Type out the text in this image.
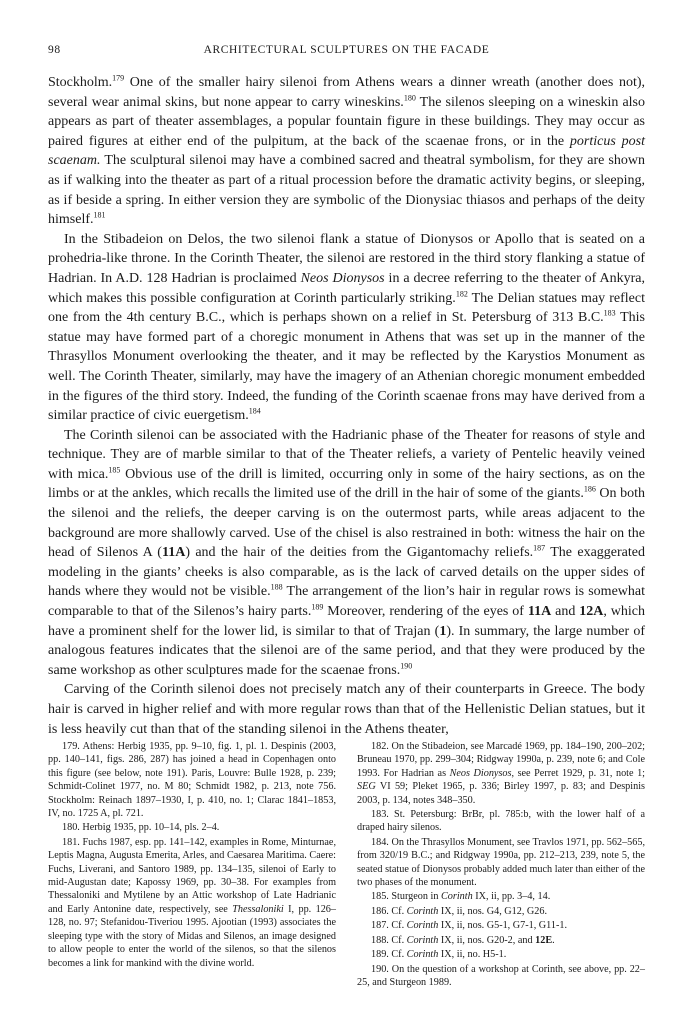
98	ARCHITECTURAL SCULPTURES ON THE FACADE

Stockholm.$^{179}$ One of the smaller hairy silenoi from Athens wears a dinner wreath (another does not), several wear animal skins, but none appear to carry wineskins.$^{180}$ The silenos sleeping on a wineskin also appears as part of theater assemblages, a popular fountain figure in these buildings. They may occur as paired figures at either end of the pulpitum, at the back of the scaenae frons, or in the porticus post scaenam. The sculptural silenoi may have a combined sacred and theatral symbolism, for they are shown as if walking into the theater as part of a ritual procession before the dramatic activity begins, or sleeping, as if beside a spring. In either version they are symbolic of the Dionysiac thiasos and perhaps of the deity himself.$^{181}$

In the Stibadeion on Delos, the two silenoi flank a statue of Dionysos or Apollo that is seated on a prohedria-like throne. In the Corinth Theater, the silenoi are restored in the third story flanking a statue of Hadrian. In A.D. 128 Hadrian is proclaimed Neos Dionysos in a decree referring to the theater of Ankyra, which makes this possible configuration at Corinth particularly striking.$^{182}$ The Delian statues may reflect one from the 4th century B.C., which is perhaps shown on a relief in St. Petersburg of 313 B.C.$^{183}$ This statue may have formed part of a choregic monument in Athens that was set up in the manner of the Thrasyllos Monument overlooking the theater, and it may be reflected by the Karystios Monument as well. The Corinth Theater, similarly, may have the imagery of an Athenian choregic monument embedded in the figures of the third story. Indeed, the funding of the Corinth scaenae frons may have derived from a similar practice of civic euergetism.$^{184}$

The Corinth silenoi can be associated with the Hadrianic phase of the Theater for reasons of style and technique. They are of marble similar to that of the Theater reliefs, a variety of Pentelic heavily veined with mica.$^{185}$ Obvious use of the drill is limited, occurring only in some of the hairy sections, as on the limbs or at the ankles, which recalls the limited use of the drill in the hair of some of the giants.$^{186}$ On both the silenoi and the reliefs, the deeper carving is on the outermost parts, while areas adjacent to the background are more shallowly carved. Use of the chisel is also restrained in both: witness the hair on the head of Silenos A (11A) and the hair of the deities from the Gigantomachy reliefs.$^{187}$ The exaggerated modeling in the giants’ cheeks is also comparable, as is the lack of carved details on the upper sides of hands where they would not be visible.$^{188}$ The arrangement of the lion’s hair in regular rows is somewhat comparable to that of the Silenos’s hairy parts.$^{189}$ Moreover, rendering of the eyes of 11A and 12A, which have a prominent shelf for the lower lid, is similar to that of Trajan (1). In summary, the large number of analogous features indicates that the silenoi are of the same period, and that they were produced by the same workshop as other sculptures made for the scaenae frons.$^{190}$

Carving of the Corinth silenoi does not precisely match any of their counterparts in Greece. The body hair is carved in higher relief and with more regular rows than that of the Hellenistic Delian statues, but it is less heavily cut than that of the standing silenoi in the Athens theater,

179. Athens: Herbig 1935, pp. 9–10, fig. 1, pl. 1. Despinis (2003, pp. 140–141, figs. 286, 287) has joined a head in Copenhagen onto this figure (see below, note 191). Paris, Louvre: Bulle 1928, p. 239; Schmidt-Colinet 1977, no. M 80; Schmidt 1982, p. 213, note 756. Stockholm: Reinach 1897–1930, I, p. 410, no. 1; Clarac 1841–1853, IV, no. 1725 A, pl. 721.

180. Herbig 1935, pp. 10–14, pls. 2–4.

181. Fuchs 1987, esp. pp. 141–142, examples in Rome, Minturnae, Leptis Magna, Augusta Emerita, Arles, and Caesarea Maritima. Caere: Fuchs, Liverani, and Santoro 1989, pp. 134–135, silenoi of Early to mid-Augustan date; Kapossy 1969, pp. 30–38. For examples from Thessaloniki and Mytilene by an Attic workshop of Late Hadrianic and Early Antonine date, respectively, see Thessaloniki I, pp. 126–128, no. 97; Stefanidou-Tiveriou 1995. Ajootian (1993) associates the sleeping type with the story of Midas and Silenos, an image designed to allow people to enter the world of the silenos, so that the silenos becomes a link for mankind with the divine world.

182. On the Stibadeion, see Marcadé 1969, pp. 184–190, 200–202; Bruneau 1970, pp. 299–304; Ridgway 1990a, p. 239, note 6; and Cole 1993. For Hadrian as Neos Dionysos, see Perret 1929, p. 31, note 1; SEG VI 59; Pleket 1965, p. 336; Birley 1997, p. 83; and Despinis 2003, p. 134, notes 348–350.

183. St. Petersburg: BrBr, pl. 785:b, with the lower half of a draped hairy silenos.

184. On the Thrasyllos Monument, see Travlos 1971, pp. 562–565, from 320/19 B.C.; and Ridgway 1990a, pp. 212–213, 239, note 5, the seated statue of Dionysos probably added much later than either of the two phases of the monument.

185. Sturgeon in Corinth IX, ii, pp. 3–4, 14.

186. Cf. Corinth IX, ii, nos. G4, G12, G26.

187. Cf. Corinth IX, ii, nos. G5-1, G7-1, G11-1.

188. Cf. Corinth IX, ii, nos. G20-2, and 12E.

189. Cf. Corinth IX, ii, no. H5-1.

190. On the question of a workshop at Corinth, see above, pp. 22–25, and Sturgeon 1989.
